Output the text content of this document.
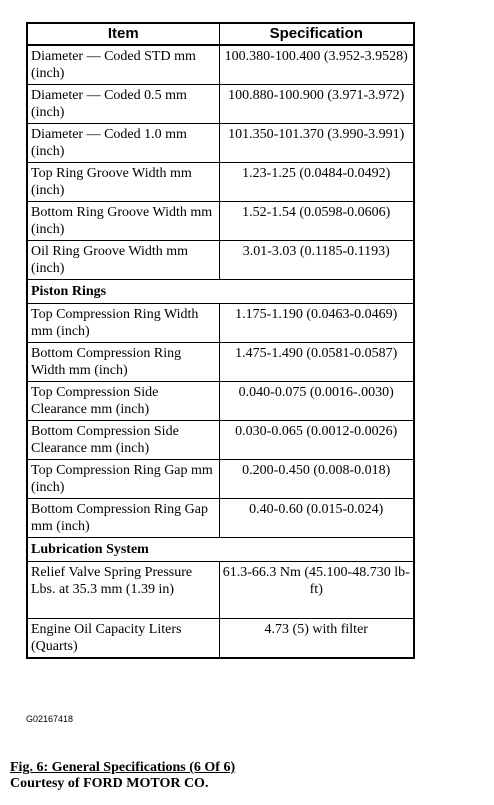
Item	Specification
Diameter — Coded STD mm (inch)	100.380-100.400 (3.952-3.9528)
Diameter — Coded 0.5 mm (inch)	100.880-100.900 (3.971-3.972)
Diameter — Coded 1.0 mm (inch)	101.350-101.370 (3.990-3.991)
Top Ring Groove Width mm (inch)	1.23-1.25 (0.0484-0.0492)
Bottom Ring Groove Width mm (inch)	1.52-1.54 (0.0598-0.0606)
Oil Ring Groove Width mm (inch)	3.01-3.03 (0.1185-0.1193)
Piston Rings	
Top Compression Ring Width mm (inch)	1.175-1.190 (0.0463-0.0469)
Bottom Compression Ring Width mm (inch)	1.475-1.490 (0.0581-0.0587)
Top Compression Side Clearance mm (inch)	0.040-0.075 (0.0016-.0030)
Bottom Compression Side Clearance mm (inch)	0.030-0.065 (0.0012-0.0026)
Top Compression Ring Gap mm (inch)	0.200-0.450 (0.008-0.018)
Bottom Compression Ring Gap mm (inch)	0.40-0.60 (0.015-0.024)
Lubrication System	
Relief Valve Spring Pressure Lbs. at 35.3 mm (1.39 in)	61.3-66.3 Nm (45.100-48.730 lb-ft)
Engine Oil Capacity Liters (Quarts)	4.73 (5) with filter
G02167418
Fig. 6: General Specifications (6 Of 6)
Courtesy of FORD MOTOR CO.
